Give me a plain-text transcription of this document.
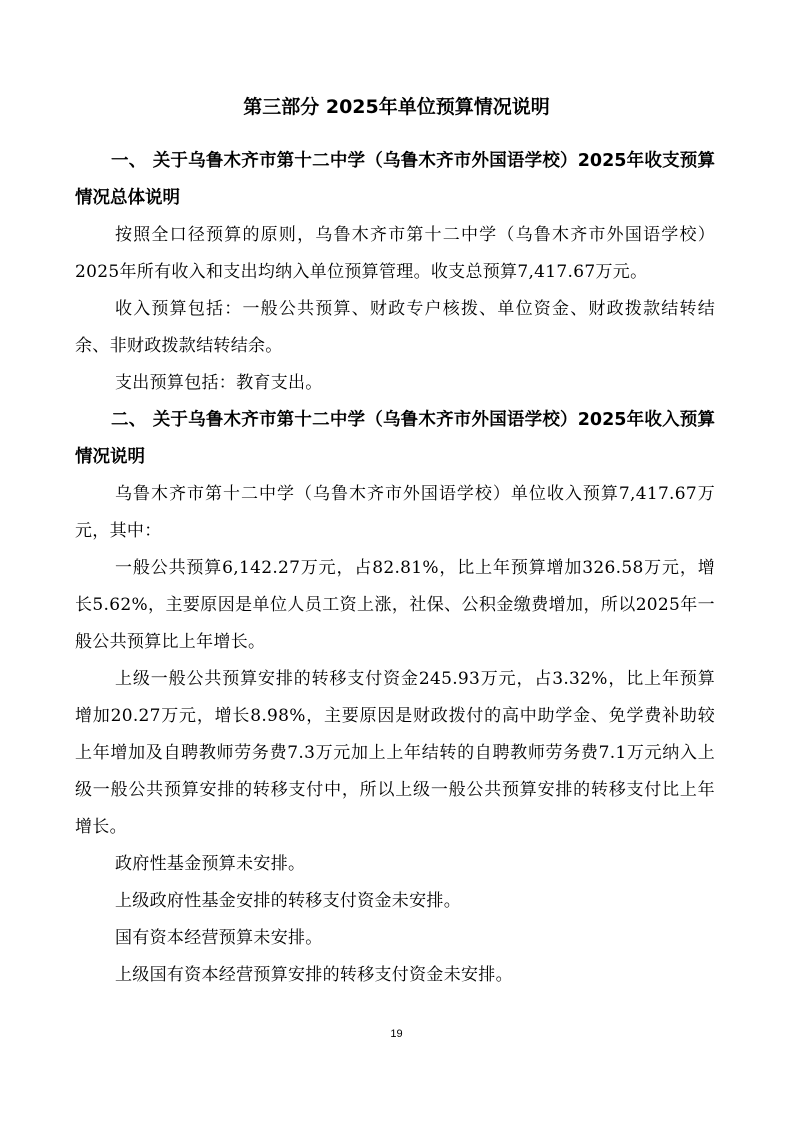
第三部分 2025年单位预算情况说明

一、 关于乌鲁木齐市第十二中学（乌鲁木齐市外国语学校）2025年收支预算情况总体说明

按照全口径预算的原则，乌鲁木齐市第十二中学（乌鲁木齐市外国语学校）2025年所有收入和支出均纳入单位预算管理。收支总预算7,417.67万元。

收入预算包括：一般公共预算、财政专户核拨、单位资金、财政拨款结转结余、非财政拨款结转结余。

支出预算包括：教育支出。

二、 关于乌鲁木齐市第十二中学（乌鲁木齐市外国语学校）2025年收入预算情况说明

乌鲁木齐市第十二中学（乌鲁木齐市外国语学校）单位收入预算7,417.67万元，其中：

一般公共预算6,142.27万元，占82.81%，比上年预算增加326.58万元，增长5.62%，主要原因是单位人员工资上涨，社保、公积金缴费增加，所以2025年一般公共预算比上年增长。

上级一般公共预算安排的转移支付资金245.93万元，占3.32%，比上年预算增加20.27万元，增长8.98%，主要原因是财政拨付的高中助学金、免学费补助较上年增加及自聘教师劳务费7.3万元加上上年结转的自聘教师劳务费7.1万元纳入上级一般公共预算安排的转移支付中，所以上级一般公共预算安排的转移支付比上年增长。

政府性基金预算未安排。

上级政府性基金安排的转移支付资金未安排。

国有资本经营预算未安排。

上级国有资本经营预算安排的转移支付资金未安排。

19
